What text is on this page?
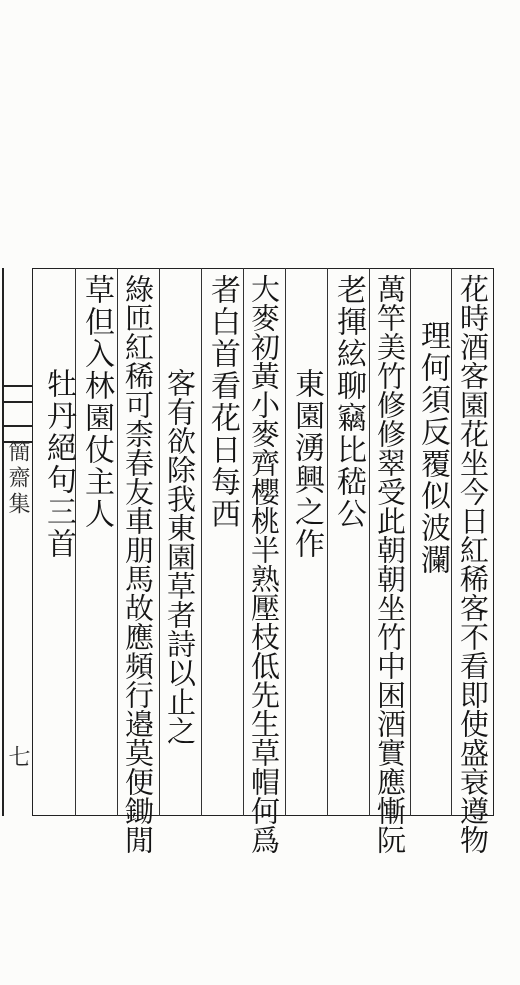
簡齋集
七	花時酒客園花坐今日紅稀客不看即使盛衰遵物
理何須反覆似波瀾
萬竿美竹修修翠受此朝朝坐竹中困酒實應慚阮
老揮絃聊竊比嵇公
東園湧興之作
大麥初黃小麥齊櫻桃半熟壓枝低先生草帽何爲
者白首看花日每西
客有欲除我東園草者詩以止之
綠匝紅稀可柰春友車朋馬故應頻行邉莫便鋤閒
草但入林園仗主人
牡丹絕句三首
